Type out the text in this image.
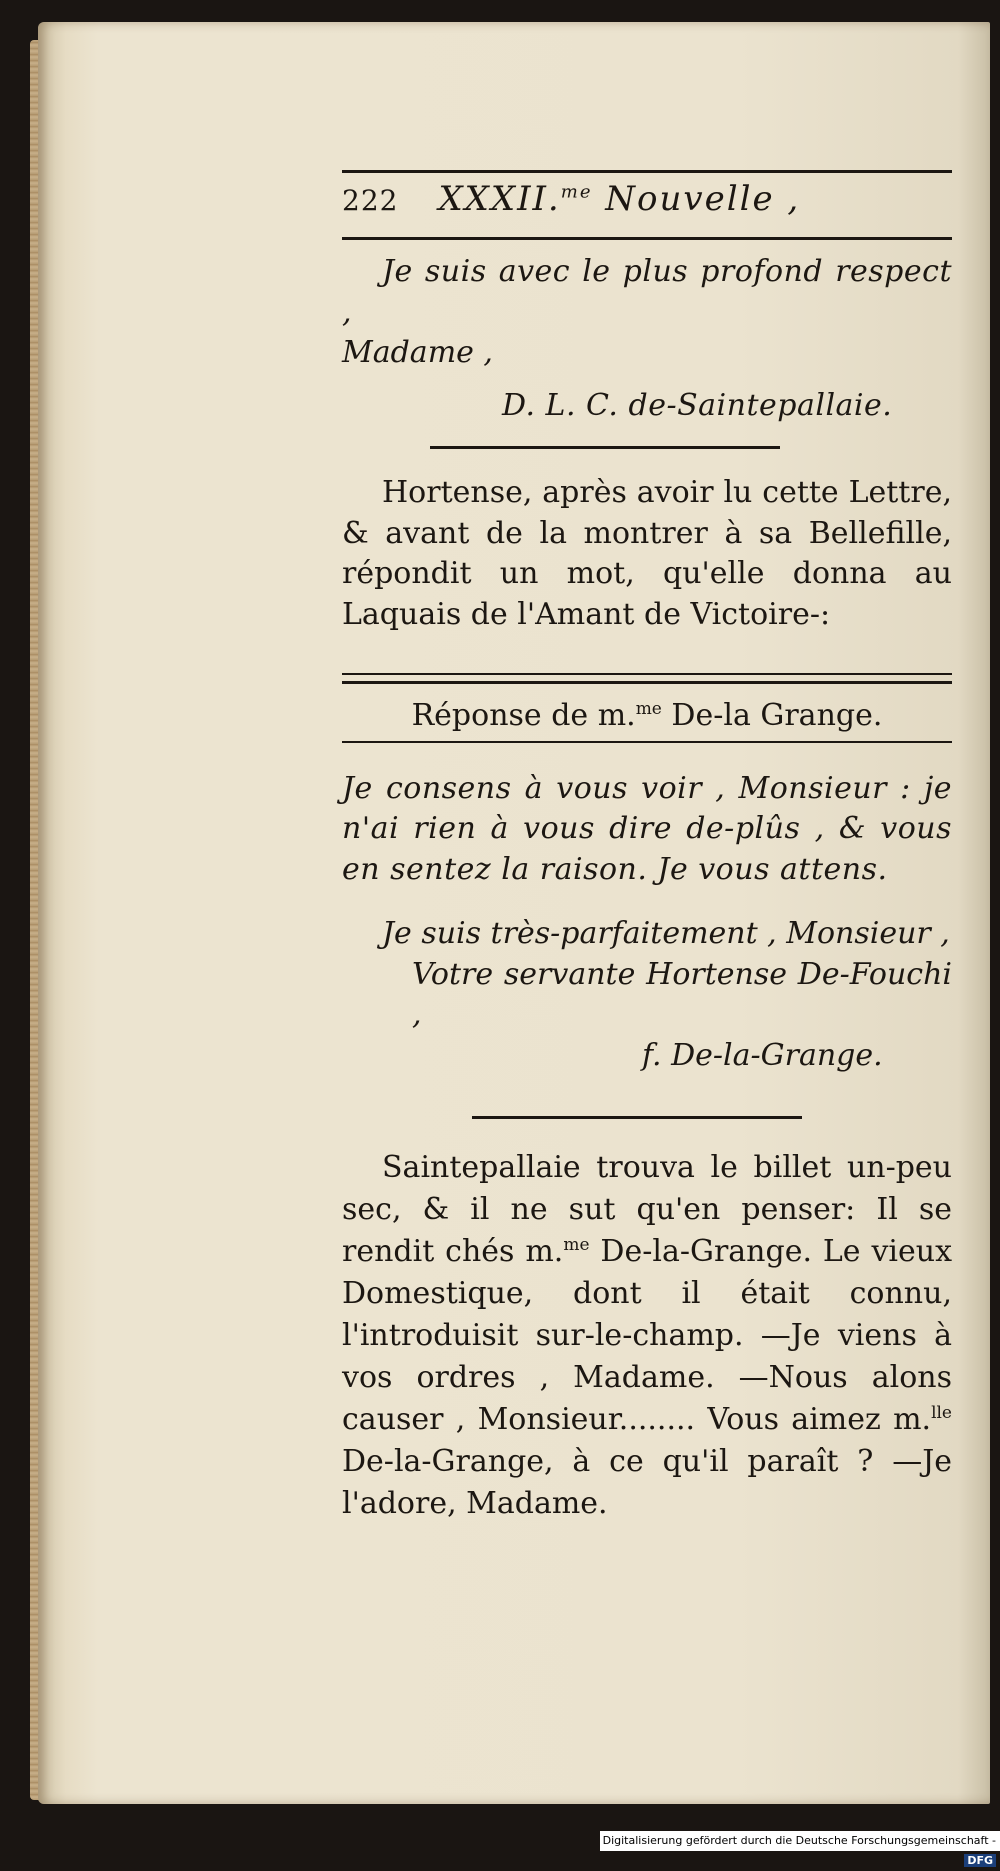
222 XXXII.$^{me}$ Nouvelle ,
Je suis avec le plus profond respect ,
Madame ,
D. L. C. de-Saintepallaie.
Hortense, après avoir lu cette Lettre, & avant de la montrer à sa Bellefille, répondit un mot, qu'elle donna au Laquais de l'Amant de Victoire-:
Réponse de m.$^{me}$ De-la Grange.
Je consens à vous voir , Monsieur : je n'ai rien à vous dire de-plûs , & vous en sentez la raison. Je vous attens.
Je suis très-parfaitement , Monsieur ,
Votre servante Hortense De-Fouchi ,
f. De-la-Grange.
Saintepallaie trouva le billet un-peu sec, & il ne sut qu'en penser: Il se rendit chés m.$^{me}$ De-la-Grange. Le vieux Domestique, dont il était connu, l'introduisit sur-le-champ. —Je viens à vos ordres , Madame. —Nous alons causer , Monsieur........ Vous aimez m.$^{lle}$ De-la-Grange, à ce qu'il paraît ? —Je l'adore, Madame.
Digitalisierung gefördert durch die Deutsche Forschungsgemeinschaft -DFG
